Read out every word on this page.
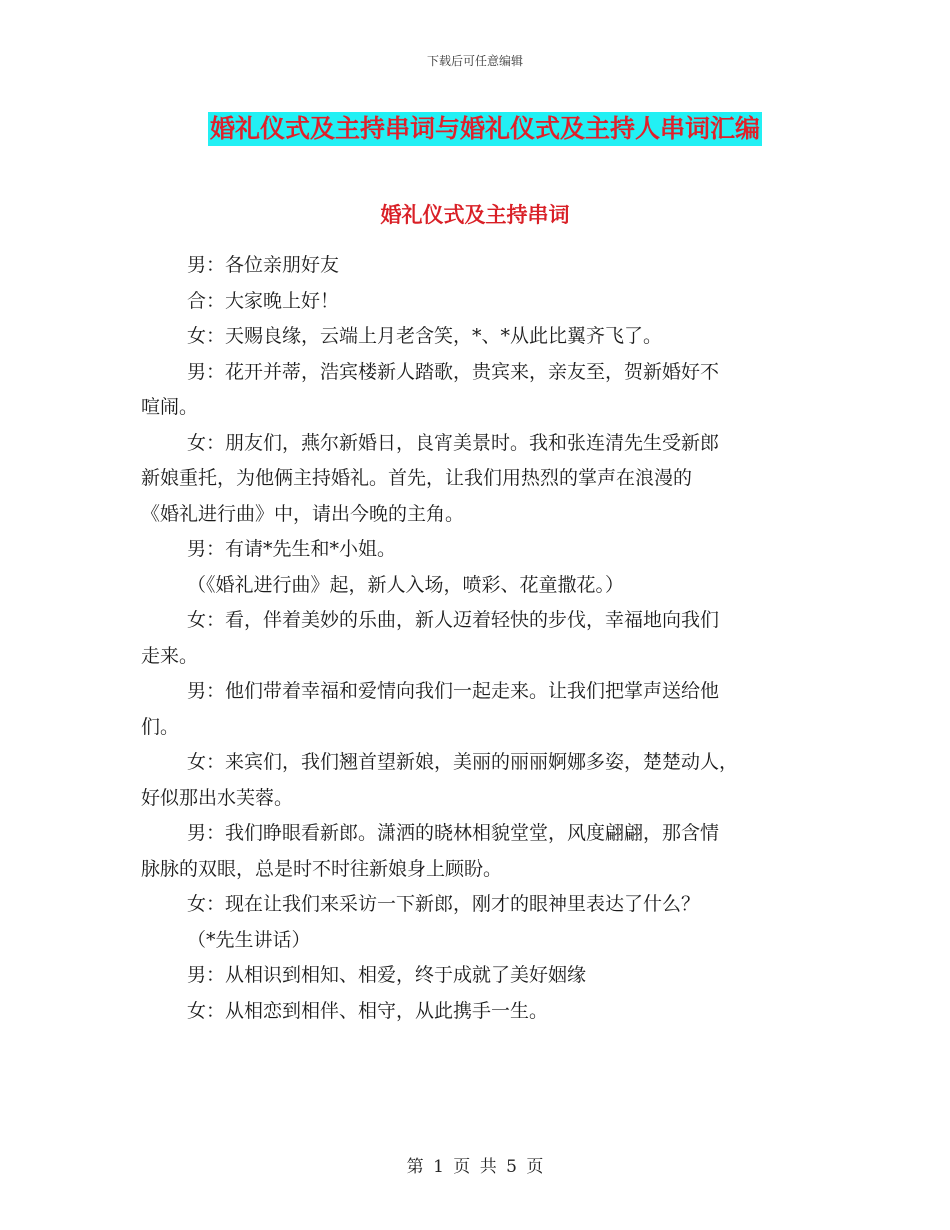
下载后可任意编辑
婚礼仪式及主持串词与婚礼仪式及主持人串词汇编
婚礼仪式及主持串词
男：各位亲朋好友
合：大家晚上好！
女：天赐良缘，云端上月老含笑，*、*从此比翼齐飞了。
男：花开并蒂，浩宾楼新人踏歌，贵宾来，亲友至，贺新婚好不
喧闹。
女：朋友们，燕尔新婚日，良宵美景时。我和张连清先生受新郎
新娘重托，为他俩主持婚礼。首先，让我们用热烈的掌声在浪漫的
《婚礼进行曲》中，请出今晚的主角。
男：有请*先生和*小姐。
（《婚礼进行曲》起，新人入场，喷彩、花童撒花。）
女：看，伴着美妙的乐曲，新人迈着轻快的步伐，幸福地向我们
走来。
男：他们带着幸福和爱情向我们一起走来。让我们把掌声送给他
们。
女：来宾们，我们翘首望新娘，美丽的丽丽婀娜多姿，楚楚动人，
好似那出水芙蓉。
男：我们睁眼看新郎。潇洒的晓林相貌堂堂，风度翩翩，那含情
脉脉的双眼，总是时不时往新娘身上顾盼。
女：现在让我们来采访一下新郎，刚才的眼神里表达了什么？
（*先生讲话）
男：从相识到相知、相爱，终于成就了美好姻缘
女：从相恋到相伴、相守，从此携手一生。
第 1 页 共 5 页
